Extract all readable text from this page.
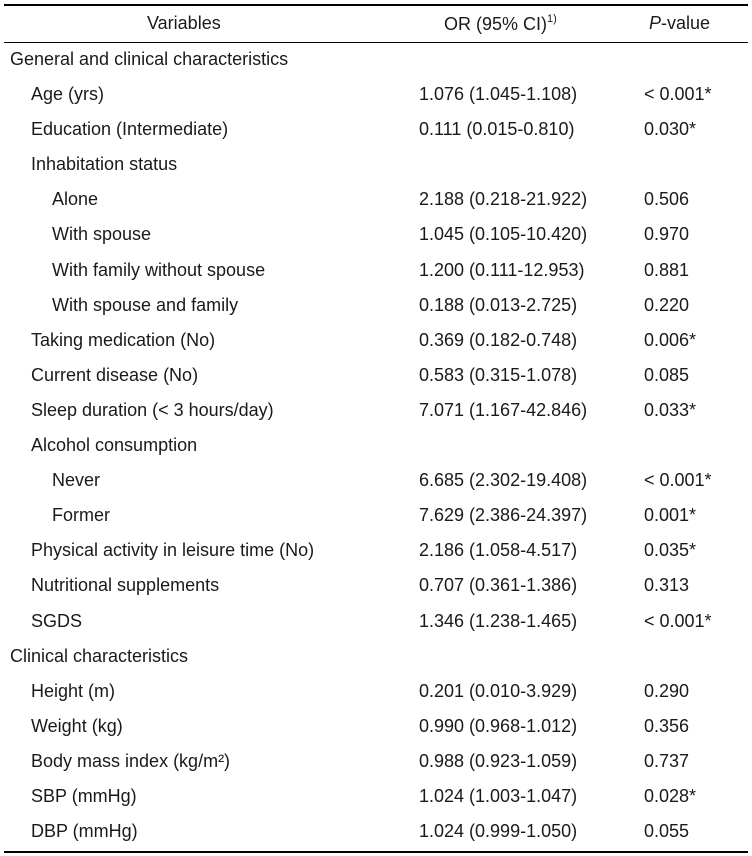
Variables	OR (95% CI)$^{1)}$	P-value
General and clinical characteristics
Age (yrs)	1.076 (1.045-1.108)	< 0.001*
Education (Intermediate)	0.111 (0.015-0.810)	0.030*
Inhabitation status
Alone	2.188 (0.218-21.922)	0.506
With spouse	1.045 (0.105-10.420)	0.970
With family without spouse	1.200 (0.111-12.953)	0.881
With spouse and family	0.188 (0.013-2.725)	0.220
Taking medication (No)	0.369 (0.182-0.748)	0.006*
Current disease (No)	0.583 (0.315-1.078)	0.085
Sleep duration (< 3 hours/day)	7.071 (1.167-42.846)	0.033*
Alcohol consumption
Never	6.685 (2.302-19.408)	< 0.001*
Former	7.629 (2.386-24.397)	0.001*
Physical activity in leisure time (No)	2.186 (1.058-4.517)	0.035*
Nutritional supplements	0.707 (0.361-1.386)	0.313
SGDS	1.346 (1.238-1.465)	< 0.001*
Clinical characteristics
Height (m)	0.201 (0.010-3.929)	0.290
Weight (kg)	0.990 (0.968-1.012)	0.356
Body mass index (kg/m²)	0.988 (0.923-1.059)	0.737
SBP (mmHg)	1.024 (1.003-1.047)	0.028*
DBP (mmHg)	1.024 (0.999-1.050)	0.055
